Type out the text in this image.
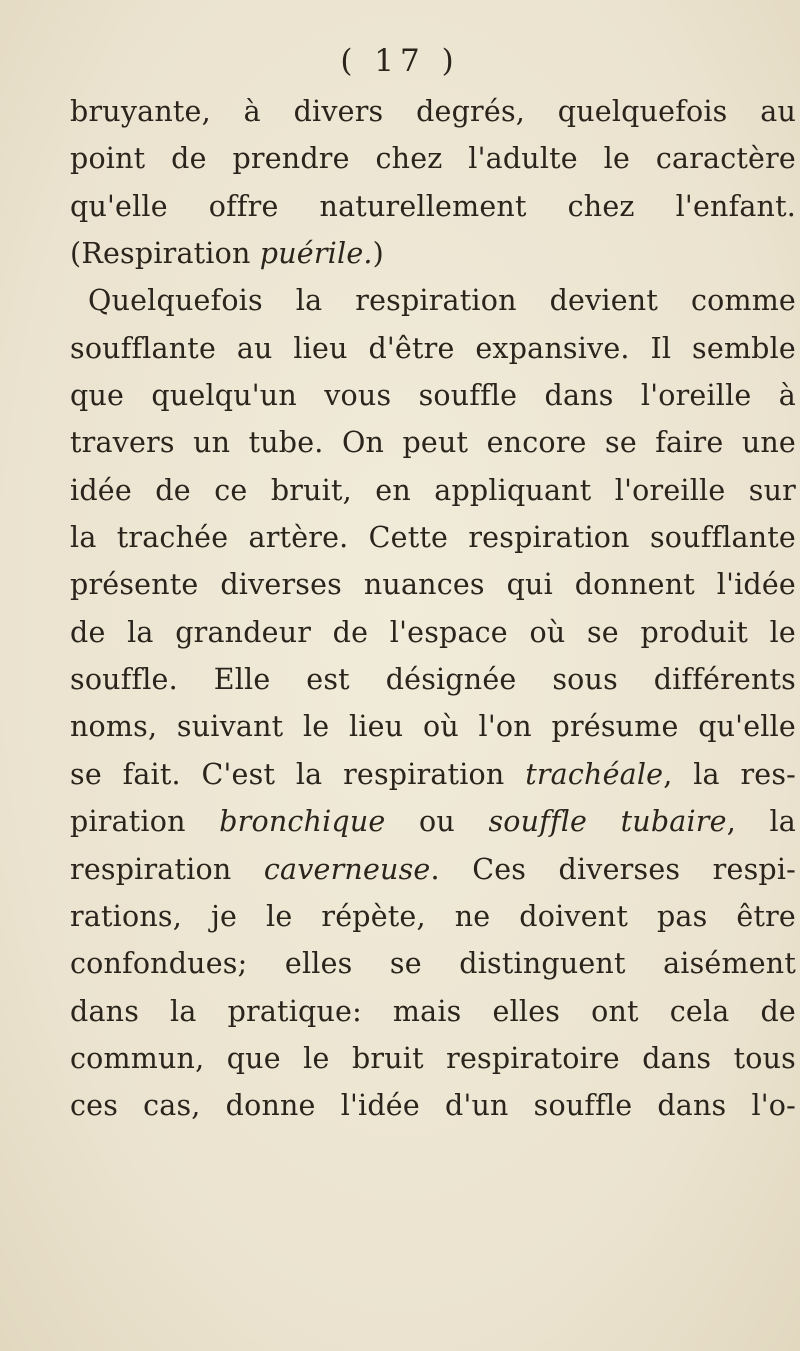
( 17 )
bruyante, à divers degrés, quelquefois au
point de prendre chez l'adulte le caractère
qu'elle offre naturellement chez l'enfant.
(Respiration puérile.)
Quelquefois la respiration devient comme
soufflante au lieu d'être expansive. Il semble
que quelqu'un vous souffle dans l'oreille à
travers un tube. On peut encore se faire une
idée de ce bruit, en appliquant l'oreille sur
la trachée artère. Cette respiration soufflante
présente diverses nuances qui donnent l'idée
de la grandeur de l'espace où se produit le
souffle. Elle est désignée sous différents
noms, suivant le lieu où l'on présume qu'elle
se fait. C'est la respiration trachéale, la res-
piration bronchique ou souffle tubaire, la
respiration caverneuse. Ces diverses respi-
rations, je le répète, ne doivent pas être
confondues; elles se distinguent aisément
dans la pratique: mais elles ont cela de
commun, que le bruit respiratoire dans tous
ces cas, donne l'idée d'un souffle dans l'o-
